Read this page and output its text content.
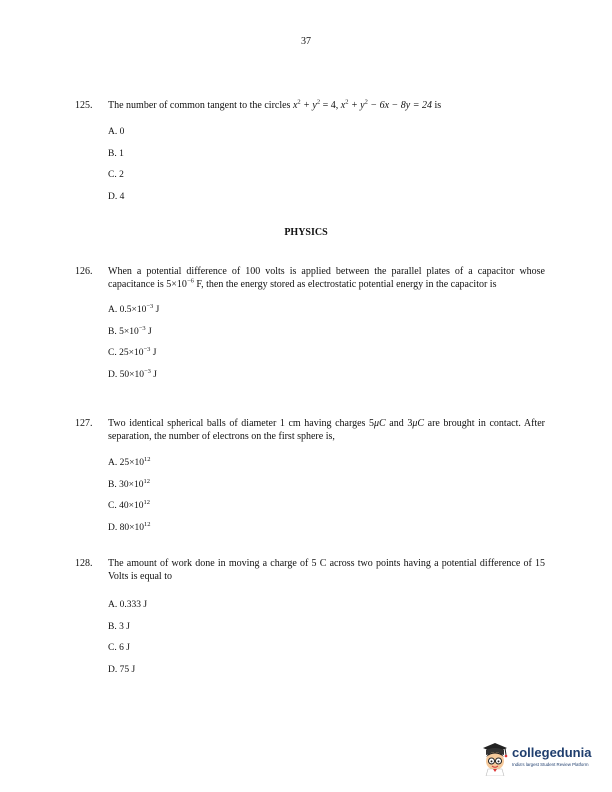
37
125.	The number of common tangent to the circles $x^2 + y^2 = 4$, $x^2 + y^2 - 6x - 8y = 24$ is
A. 0
B. 1
C. 2
D. 4
PHYSICS
126.	When a potential difference of 100 volts is applied between the parallel plates of a capacitor whose capacitance is $5\times 10^{-6}$ F, then the energy stored as electrostatic potential energy in the capacitor is
A. $0.5\times 10^{-3}$ J
B. $5\times 10^{-3}$ J
C. $25\times 10^{-3}$ J
D. $50\times 10^{-3}$ J
127.	Two identical spherical balls of diameter 1 cm having charges 5μC and 3μC are brought in contact. After separation, the number of electrons on the first sphere is,
A. $25\times 10^{12}$
B. $30\times 10^{12}$
C. $40\times 10^{12}$
D. $80\times 10^{12}$
128.	The amount of work done in moving a charge of 5 C across two points having a potential difference of 15 Volts is equal to
A. 0.333 J
B. 3 J
C. 6 J
D. 75 J
collegedunia
India's largest Student Review Platform
